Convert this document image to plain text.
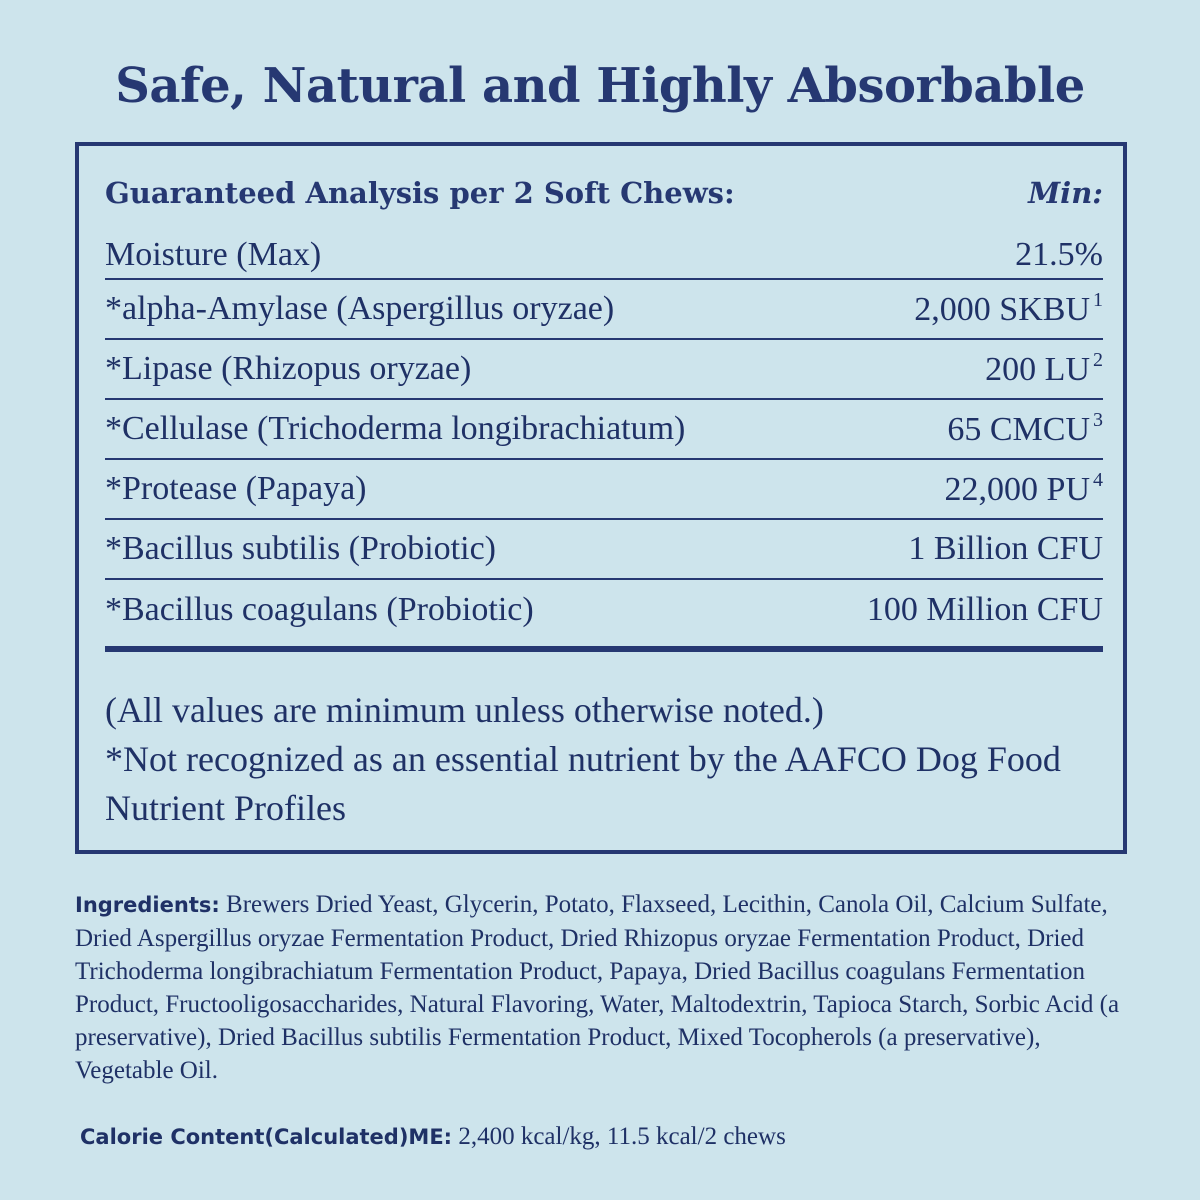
Safe, Natural and Highly Absorbable
Guaranteed Analysis per 2 Soft Chews:	Min:
Moisture (Max)	21.5%
*alpha-Amylase (Aspergillus oryzae)	2,000 SKBU $^1$
*Lipase (Rhizopus oryzae)	200 LU $^2$
*Cellulase (Trichoderma longibrachiatum)	65 CMCU $^3$
*Protease (Papaya)	22,000 PU $^4$
*Bacillus subtilis (Probiotic)	1 Billion CFU
*Bacillus coagulans (Probiotic)	100 Million CFU

(All values are minimum unless otherwise noted.)

*Not recognized as an essential nutrient by the AAFCO Dog Food Nutrient Profiles

Ingredients: Brewers Dried Yeast, Glycerin, Potato, Flaxseed, Lecithin, Canola Oil, Calcium Sulfate, Dried Aspergillus oryzae Fermentation Product, Dried Rhizopus oryzae Fermentation Product, Dried Trichoderma longibrachiatum Fermentation Product, Papaya, Dried Bacillus coagulans Fermentation Product, Fructooligosaccharides, Natural Flavoring, Water, Maltodextrin, Tapioca Starch, Sorbic Acid (a preservative), Dried Bacillus subtilis Fermentation Product, Mixed Tocopherols (a preservative), Vegetable Oil.

Calorie Content(Calculated)ME: 2,400 kcal/kg, 11.5 kcal/2 chews
